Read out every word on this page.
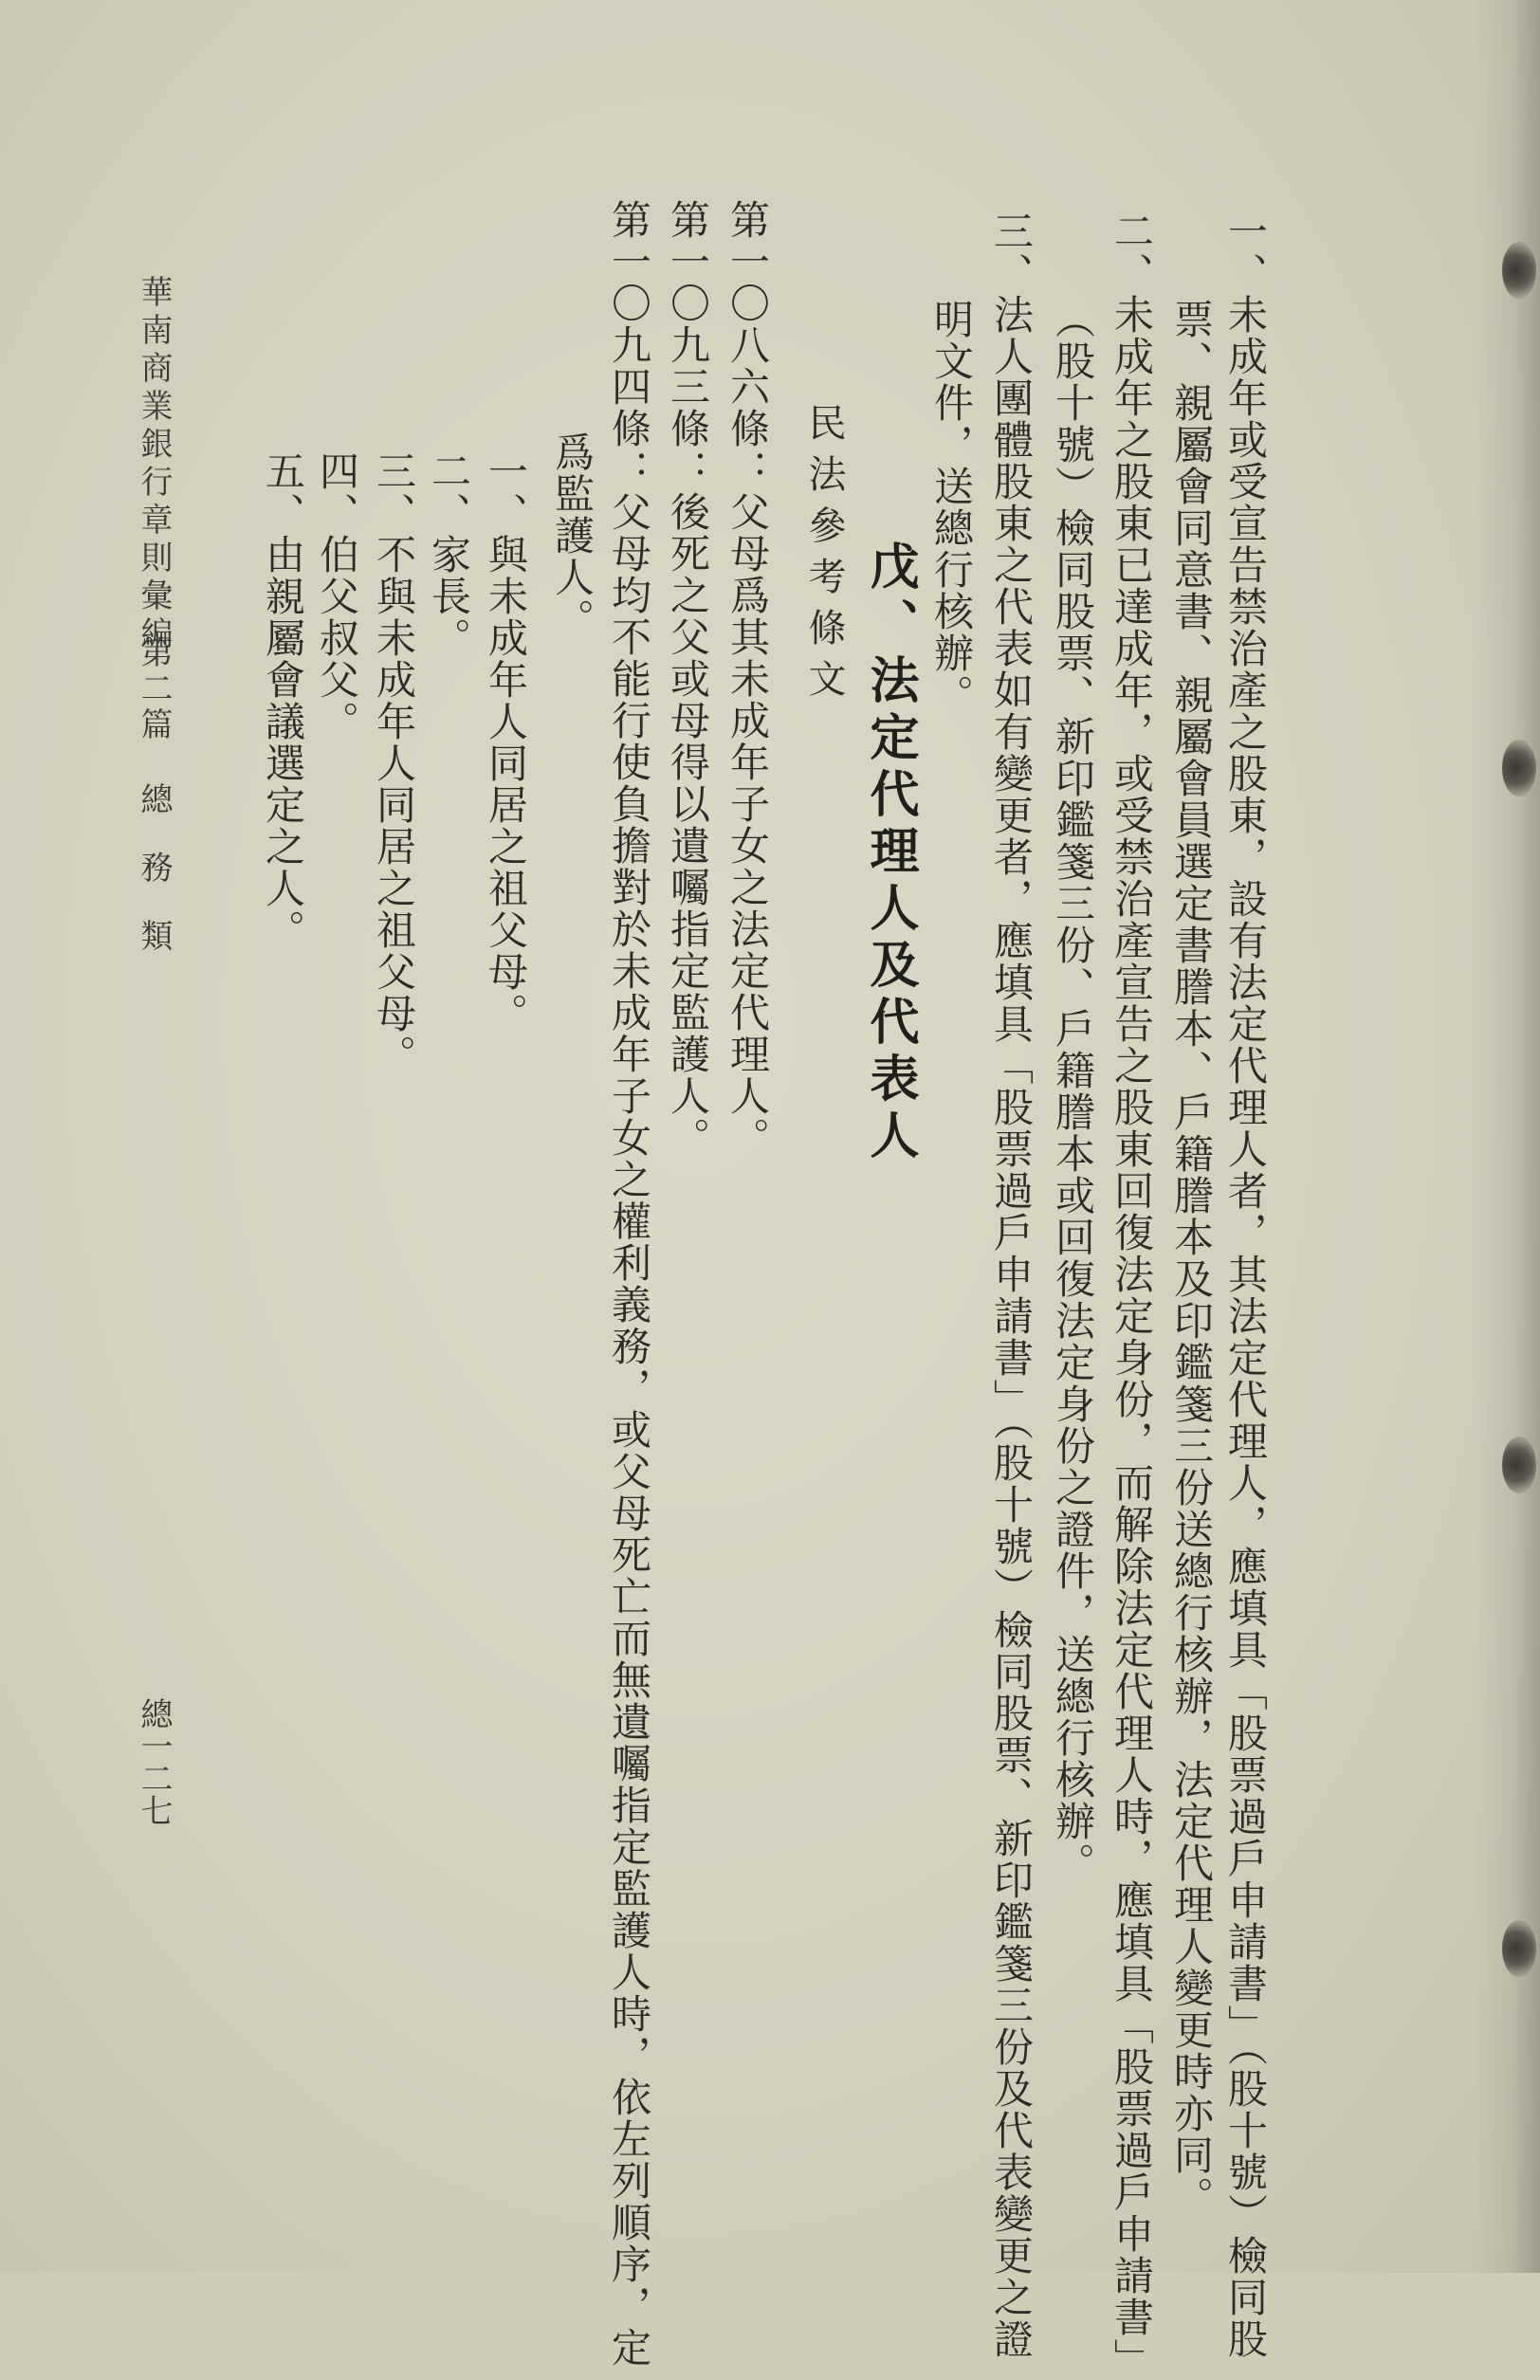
戊、法定代理人及代表人	一、未成年或受宣告禁治產之股東，設有法定代理人者，其法定代理人，應填具「股票過戶申請書」（股十號）檢同股
票、親屬會同意書、親屬會員選定書謄本、戶籍謄本及印鑑箋三份送總行核辦，法定代理人變更時亦同。
二、未成年之股東已達成年，或受禁治產宣告之股東回復法定身份，而解除法定代理人時，應填具「股票過戶申請書」
（股十號）檢同股票、新印鑑箋三份、戶籍謄本或回復法定身份之證件，送總行核辦。
三、法人團體股東之代表如有變更者，應填具「股票過戶申請書」（股十號）檢同股票、新印鑑箋三份及代表變更之證
明文件，送總行核辦。
民法參考條文
第一〇八六條：父母爲其未成年子女之法定代理人。
第一〇九三條：後死之父或母得以遺囑指定監護人。
第一〇九四條：父母均不能行使負擔對於未成年子女之權利義務，或父母死亡而無遺囑指定監護人時，依左列順序，定
爲監護人。
一、與未成年人同居之祖父母。
二、家長。
三、不與未成年人同居之祖父母。
四、伯父叔父。
五、由親屬會議選定之人。
華南商業銀行章則彙編
第二篇
總　務　類
總一二七
